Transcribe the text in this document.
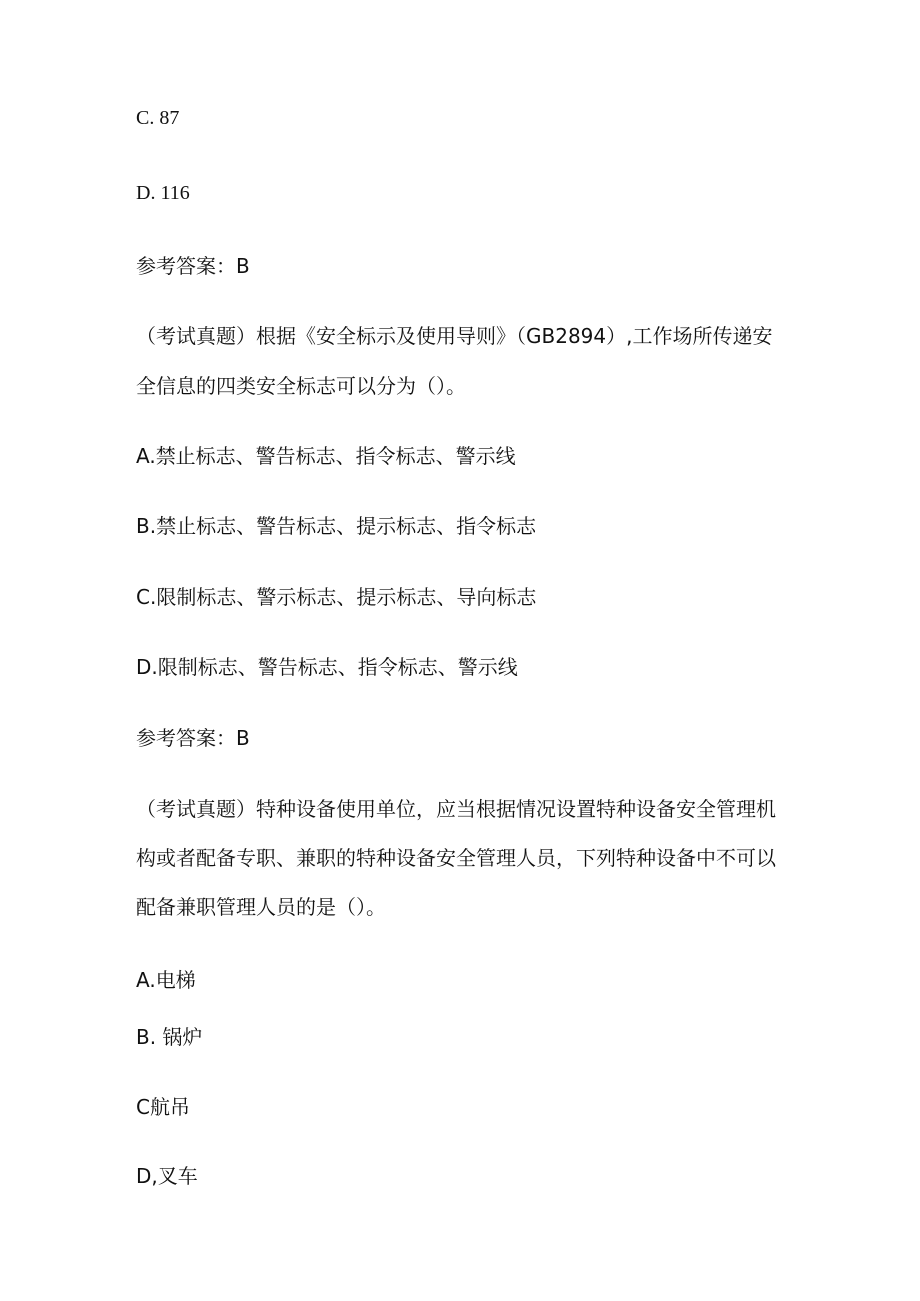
C. 87

D. 116

参考答案：B

（考试真题）根据《安全标示及使用导则》（GB2894）,工作场所传递安

全信息的四类安全标志可以分为（）。

A.禁止标志、警告标志、指令标志、警示线

B.禁止标志、警告标志、提示标志、指令标志

C.限制标志、警示标志、提示标志、导向标志

D.限制标志、警告标志、指令标志、警示线

参考答案：B

（考试真题）特种设备使用单位，应当根据情况设置特种设备安全管理机

构或者配备专职、兼职的特种设备安全管理人员，下列特种设备中不可以

配备兼职管理人员的是（）。

A.电梯

B. 锅炉

C航吊

D,叉车
